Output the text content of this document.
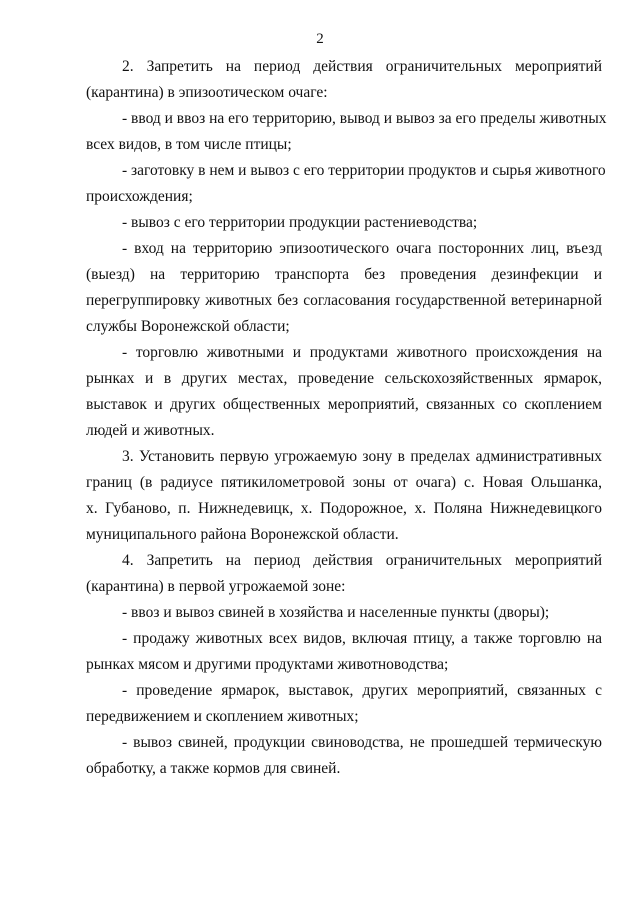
2

2. Запретить на период действия ограничительных мероприятий
(карантина) в эпизоотическом очаге:

- ввод и ввоз на его территорию, вывод и вывоз за его пределы животных
всех видов, в том числе птицы;

- заготовку в нем и вывоз с его территории продуктов и сырья животного
происхождения;

- вывоз с его территории продукции растениеводства;

- вход на территорию эпизоотического очага посторонних лиц, въезд
(выезд) на территорию транспорта без проведения дезинфекции и
перегруппировку животных без согласования государственной ветеринарной
службы Воронежской области;

- торговлю животными и продуктами животного происхождения на
рынках и в других местах, проведение сельскохозяйственных ярмарок,
выставок и других общественных мероприятий, связанных со скоплением
людей и животных.

3. Установить первую угрожаемую зону в пределах административных
границ (в радиусе пятикилометровой зоны от очага) с. Новая Ольшанка,
х. Губаново, п. Нижнедевицк, х. Подорожное, х. Поляна Нижнедевицкого
муниципального района Воронежской области.

4. Запретить на период действия ограничительных мероприятий
(карантина) в первой угрожаемой зоне:

- ввоз и вывоз свиней в хозяйства и населенные пункты (дворы);

- продажу животных всех видов, включая птицу, а также торговлю на
рынках мясом и другими продуктами животноводства;

- проведение ярмарок, выставок, других мероприятий, связанных с
передвижением и скоплением животных;

- вывоз свиней, продукции свиноводства, не прошедшей термическую
обработку, а также кормов для свиней.
